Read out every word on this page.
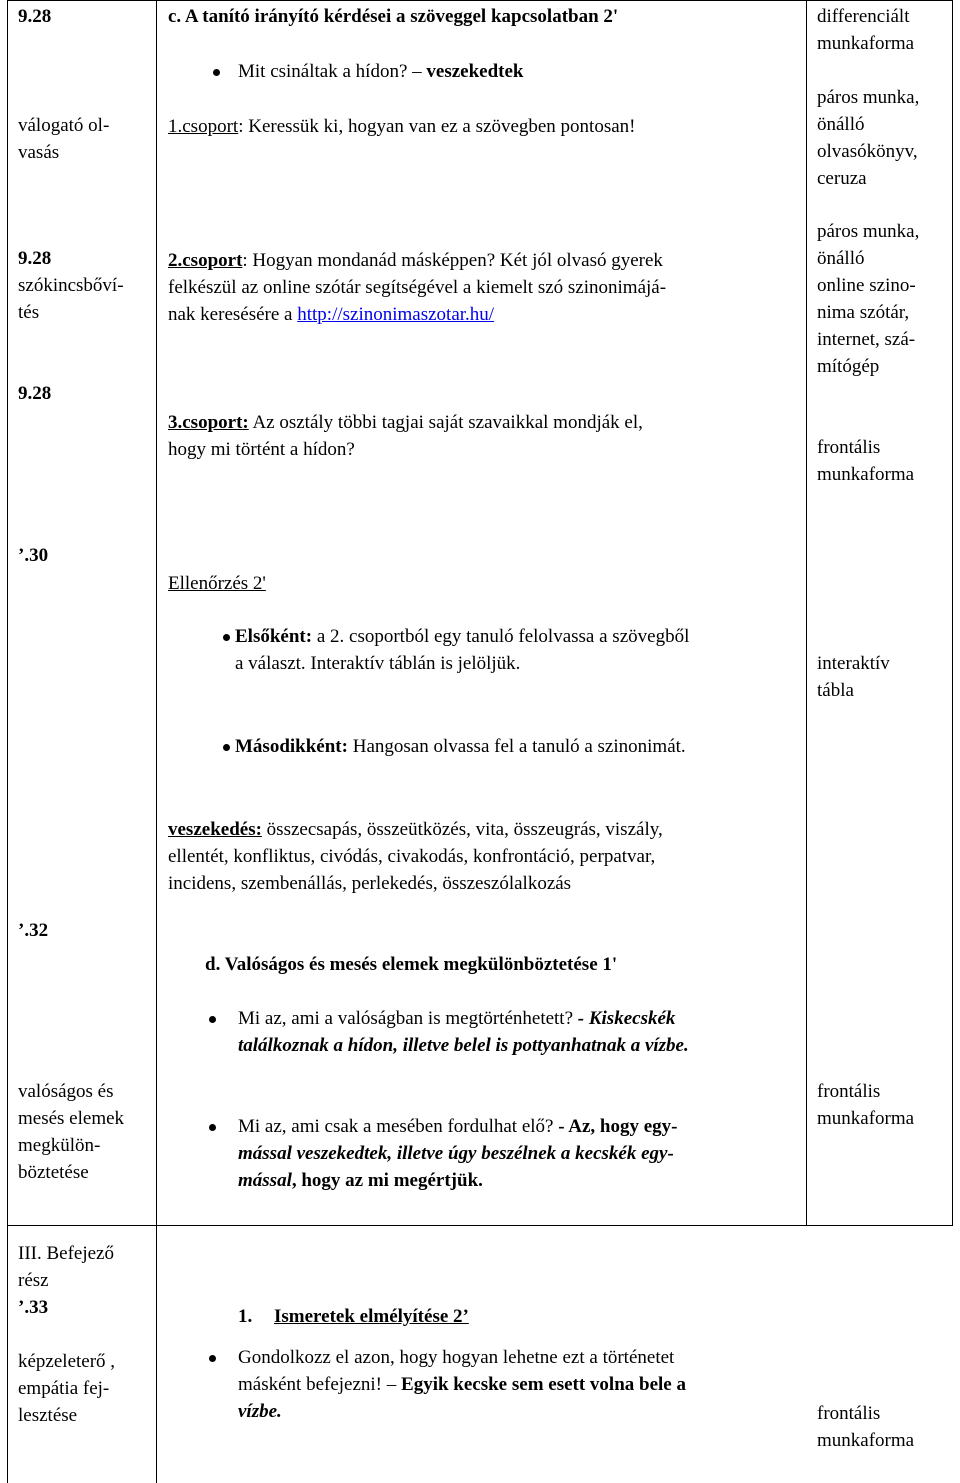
9.28
válogató ol-
vasás
c. A tanító irányító kérdései a szöveggel kapcsolatban 2'
Mit csináltak a hídon? – veszekedtek
1.csoport: Keressük ki, hogyan van ez a szövegben pontosan!
differenciált
munkaforma
páros munka,
önálló
olvasókönyv,
ceruza
9.28
szókincsbőví-
tés
9.28
2.csoport: Hogyan mondanád másképpen? Két jól olvasó gyerek
felkészül az online szótár segítségével a kiemelt szó szinonimájá-
nak keresésére a http://szinonimaszotar.hu/
3.csoport: Az osztály többi tagjai saját szavaikkal mondják el,
hogy mi történt a hídon?
páros munka,
önálló
online szino-
nima szótár,
internet, szá-
mítógép
frontális
munkaforma
’.30
Ellenőrzés 2'
Elsőként: a 2. csoportból egy tanuló felolvassa a szövegből
a választ. Interaktív táblán is jelöljük.
Másodikként: Hangosan olvassa fel a tanuló a szinonimát.
interaktív
tábla
veszekedés: összecsapás, összeütközés, vita, összeugrás, viszály,
ellentét, konfliktus, civódás, civakodás, konfrontáció, perpatvar,
incidens, szembenállás, perlekedés, összeszólalkozás
’.32
d. Valóságos és mesés elemek megkülönböztetése 1'
Mi az, ami a valóságban is megtörténhetett? - Kiskecskék
találkoznak a hídon, illetve belel is pottyanhatnak a vízbe.
Mi az, ami csak a mesében fordulhat elő? - Az, hogy egy-
mással veszekedtek, illetve úgy beszélnek a kecskék egy-
mással, hogy az mi megértjük.
valóságos és
mesés elemek
megkülön-
böztetése
frontális
munkaforma
III. Befejező
rész
’.33
képzeleterő ,
empátia fej-
lesztése
1. Ismeretek elmélyítése 2’
Gondolkozz el azon, hogy hogyan lehetne ezt a történetet
másként befejezni! – Egyik kecske sem esett volna bele a
vízbe.	frontális
munkaforma
